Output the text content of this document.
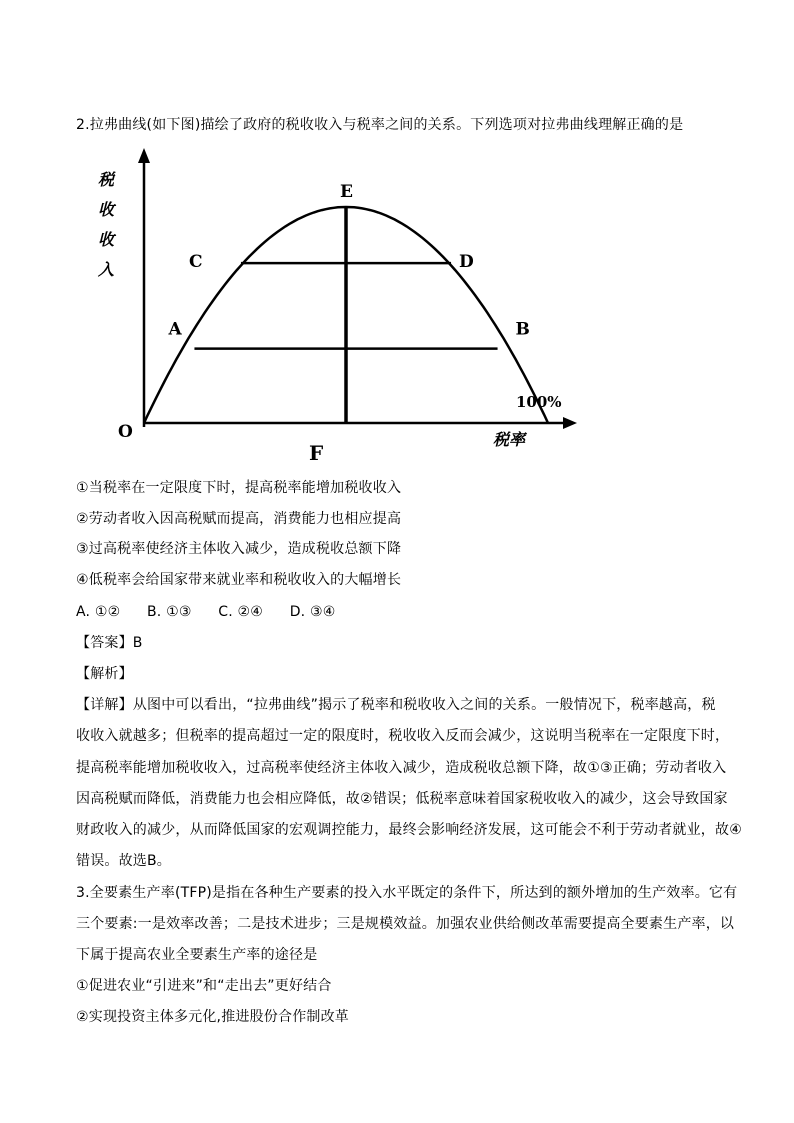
2.拉弗曲线(如下图)描绘了政府的税收收入与税率之间的关系。下列选项对拉弗曲线理解正确的是
税
收
收
入
E
C	D
A	B
O
100%
F
税率
①当税率在一定限度下时，提高税率能增加税收收入
②劳动者收入因高税赋而提高，消费能力也相应提高
③过高税率使经济主体收入减少，造成税收总额下降
④低税率会给国家带来就业率和税收收入的大幅增长
A. ①② B. ①③ C. ②④ D. ③④
【答案】B
【解析】
【详解】从图中可以看出，“拉弗曲线”揭示了税率和税收收入之间的关系。一般情况下，税率越高，税
收收入就越多；但税率的提高超过一定的限度时，税收收入反而会减少，这说明当税率在一定限度下时，
提高税率能增加税收收入，过高税率使经济主体收入减少，造成税收总额下降，故①③正确；劳动者收入
因高税赋而降低，消费能力也会相应降低，故②错误；低税率意味着国家税收收入的减少，这会导致国家
财政收入的减少，从而降低国家的宏观调控能力，最终会影响经济发展，这可能会不利于劳动者就业，故④
错误。故选B。
3.全要素生产率(TFP)是指在各种生产要素的投入水平既定的条件下，所达到的额外增加的生产效率。它有
三个要素:一是效率改善；二是技术进步；三是规模效益。加强农业供给侧改革需要提高全要素生产率，以
下属于提高农业全要素生产率的途径是
①促进农业“引进来”和“走出去”更好结合
②实现投资主体多元化,推进股份合作制改革
